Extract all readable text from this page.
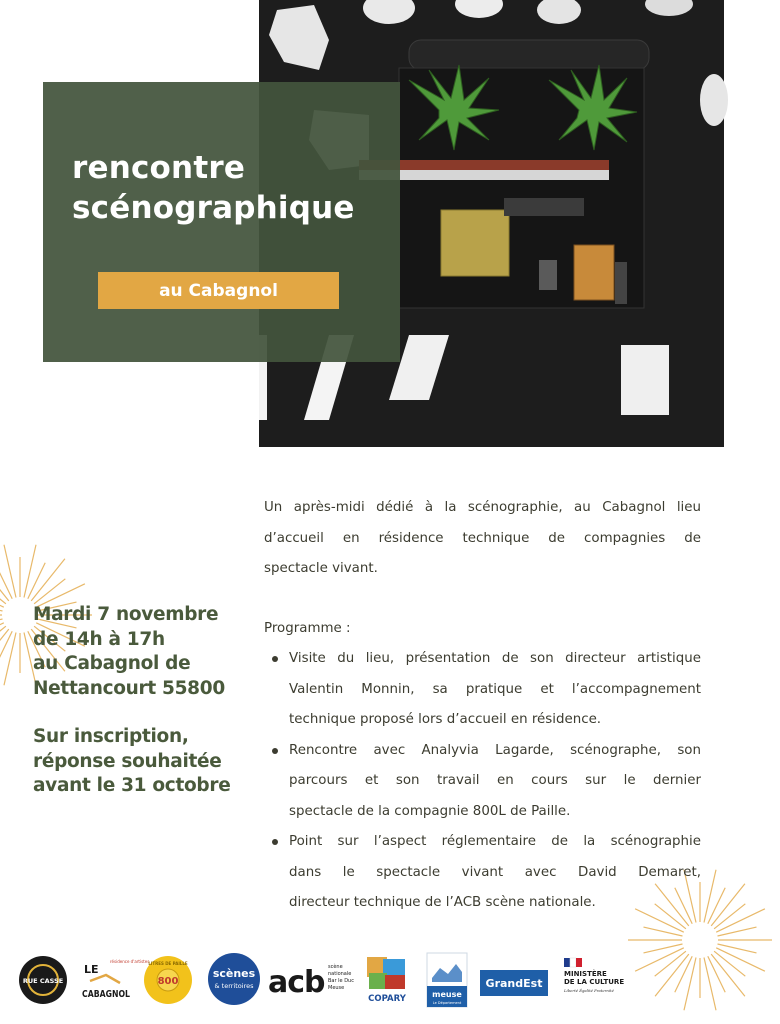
rencontre
scénographique
au Cabagnol
Mardi 7 novembre
de 14h à 17h
au Cabagnol de
Nettancourt 55800
Sur inscription,
réponse souhaitée
avant le 31 octobre
Un après-midi dédié à la scénographie, au Cabagnol lieu
d’accueil en résidence technique de compagnies de
spectacle vivant.
Programme :
Visite du lieu, présentation de son directeur artistique
Valentin Monnin, sa pratique et l’accompagnement
technique proposé lors d’accueil en résidence.
Rencontre avec Analyvia Lagarde, scénographe, son
parcours et son travail en cours sur le dernier
spectacle de la compagnie 800L de Paille.
Point sur l’aspect réglementaire de la scénographie
dans le spectacle vivant avec David Demaret,
directeur technique de l’ACB scène nationale.
RUE CASSE
LE
CABAGNOL
résidence d'artistes
800
LITRES DE PAILLE
scènes
& territoires acb scène
nationale
Bar le Duc
Meuse
COPARY	meuse
Le Département
GrandEst
MINISTÈRE
DE LA CULTURE
Liberté Égalité Fraternité
